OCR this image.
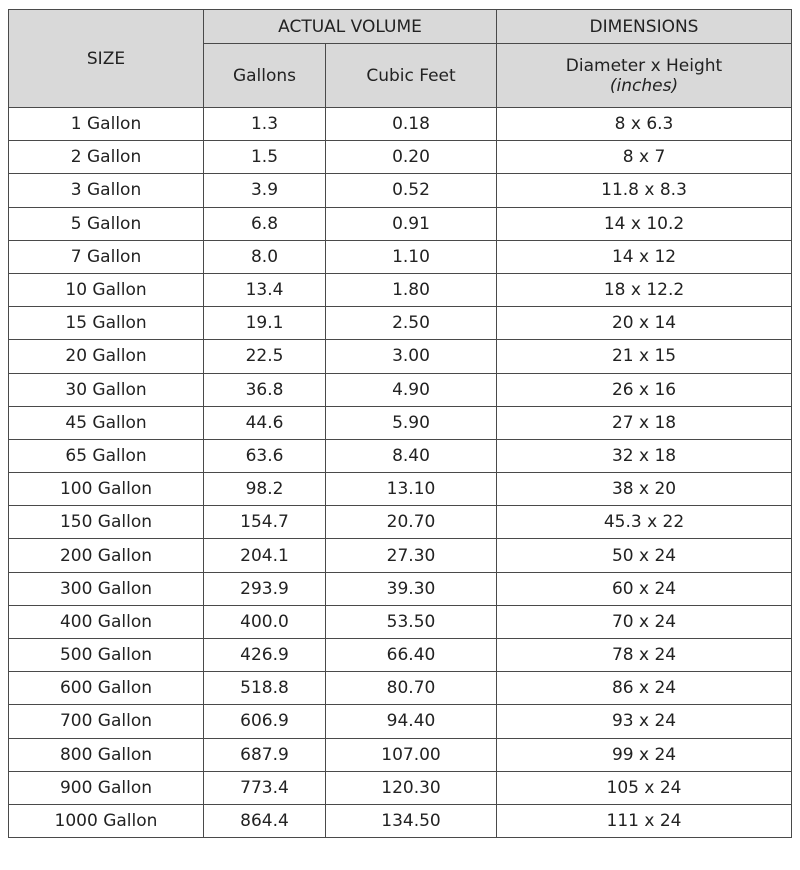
SIZE	ACTUAL VOLUME		DIMENSIONS
	Gallons	Cubic Feet	Diameter x Height
(inches)

1 Gallon	1.3	0.18	8 x 6.3
2 Gallon	1.5	0.20	8 x 7
3 Gallon	3.9	0.52	11.8 x 8.3
5 Gallon	6.8	0.91	14 x 10.2
7 Gallon	8.0	1.10	14 x 12
10 Gallon	13.4	1.80	18 x 12.2
15 Gallon	19.1	2.50	20 x 14
20 Gallon	22.5	3.00	21 x 15
30 Gallon	36.8	4.90	26 x 16
45 Gallon	44.6	5.90	27 x 18
65 Gallon	63.6	8.40	32 x 18
100 Gallon	98.2	13.10	38 x 20
150 Gallon	154.7	20.70	45.3 x 22
200 Gallon	204.1	27.30	50 x 24
300 Gallon	293.9	39.30	60 x 24
400 Gallon	400.0	53.50	70 x 24
500 Gallon	426.9	66.40	78 x 24
600 Gallon	518.8	80.70	86 x 24
700 Gallon	606.9	94.40	93 x 24
800 Gallon	687.9	107.00	99 x 24
900 Gallon	773.4	120.30	105 x 24
1000 Gallon	864.4	134.50	111 x 24
